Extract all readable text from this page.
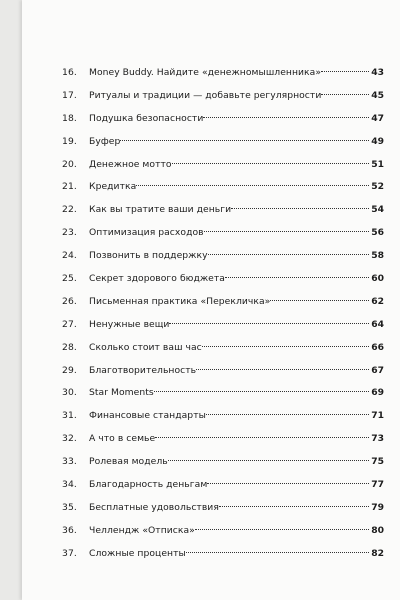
16.	Money Buddy. Найдите «денежномышленника»	43
17.	Ритуалы и традиции — добавьте регулярности	45
18.	Подушка безопасности	47
19.	Буфер	49
20.	Денежное мотто	51
21.	Кредитка	52
22.	Как вы тратите ваши деньги	54
23.	Оптимизация расходов	56
24.	Позвонить в поддержку	58
25.	Секрет здорового бюджета	60
26.	Письменная практика «Перекличка»	62
27.	Ненужные вещи	64
28.	Сколько стоит ваш час	66
29.	Благотворительность	67
30.	Star Moments	69
31.	Финансовые стандарты	71
32.	А что в семье	73
33.	Ролевая модель	75
34.	Благодарность деньгам	77
35.	Бесплатные удовольствия	79
36.	Челлендж «Отписка»	80
37.	Сложные проценты	82
